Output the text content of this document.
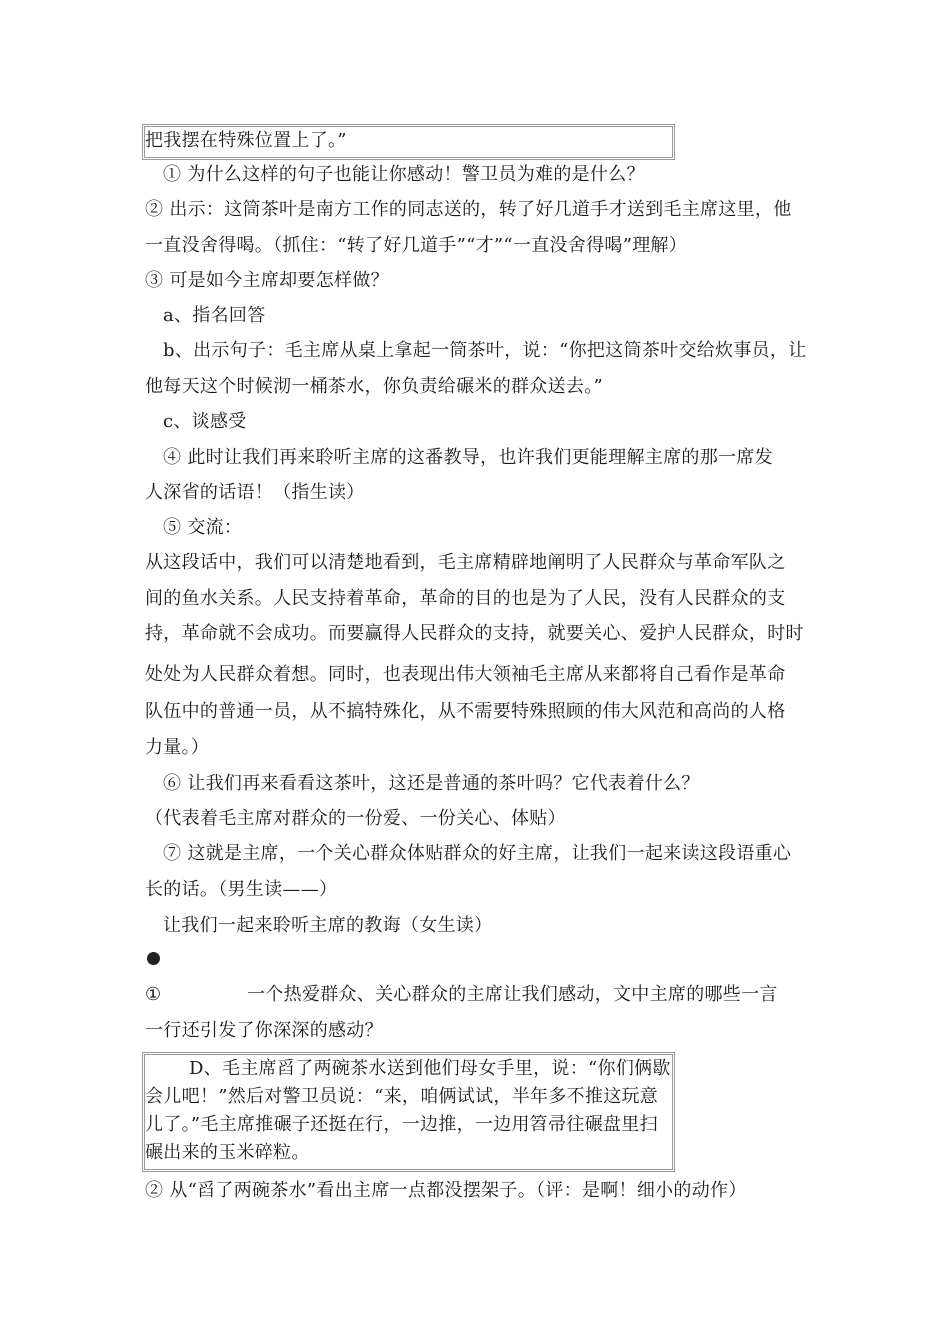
把我摆在特殊位置上了。”
① 为什么这样的句子也能让你感动！警卫员为难的是什么？
② 出示：这筒茶叶是南方工作的同志送的，转了好几道手才送到毛主席这里，他
一直没舍得喝。（抓住：“转了好几道手”“才”“一直没舍得喝”理解）
③ 可是如今主席却要怎样做？
a、指名回答
b、出示句子：毛主席从桌上拿起一筒茶叶，说：“你把这筒茶叶交给炊事员，让
他每天这个时候沏一桶茶水，你负责给碾米的群众送去。”
c、谈感受
④ 此时让我们再来聆听主席的这番教导，也许我们更能理解主席的那一席发
人深省的话语！（指生读）
⑤ 交流：
从这段话中，我们可以清楚地看到，毛主席精辟地阐明了人民群众与革命军队之
间的鱼水关系。人民支持着革命，革命的目的也是为了人民，没有人民群众的支
持，革命就不会成功。而要赢得人民群众的支持，就要关心、爱护人民群众，时时
处处为人民群众着想。同时，也表现出伟大领袖毛主席从来都将自己看作是革命
队伍中的普通一员，从不搞特殊化，从不需要特殊照顾的伟大风范和高尚的人格
力量。）
⑥ 让我们再来看看这茶叶，这还是普通的茶叶吗？它代表着什么？
（代表着毛主席对群众的一份爱、一份关心、体贴）
⑦ 这就是主席，一个关心群众体贴群众的好主席，让我们一起来读这段语重心
长的话。（男生读——）
让我们一起来聆听主席的教诲（女生读）
①	一个热爱群众、关心群众的主席让我们感动，文中主席的哪些一言
一行还引发了你深深的感动？
D、毛主席舀了两碗茶水送到他们母女手里，说：“你们俩歇
会儿吧！”然后对警卫员说：“来，咱俩试试，半年多不推这玩意
儿了。”毛主席推碾子还挺在行，一边推，一边用笤帚往碾盘里扫
碾出来的玉米碎粒。
② 从“舀了两碗茶水”看出主席一点都没摆架子。（评：是啊！细小的动作）
